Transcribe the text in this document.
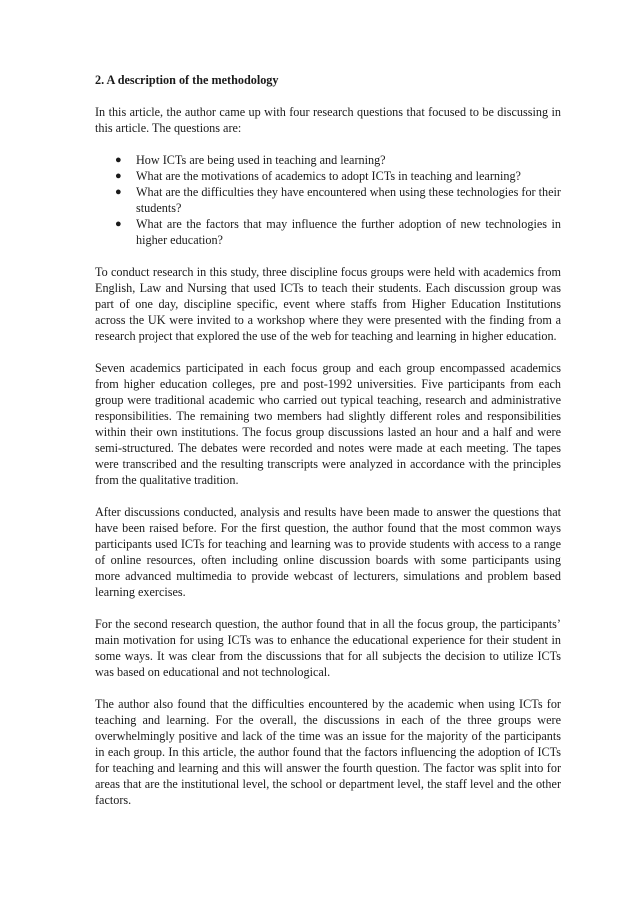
2. A description of the methodology

In this article, the author came up with four research questions that focused to be discussing in this article. The questions are:

● How ICTs are being used in teaching and learning?
● What are the motivations of academics to adopt ICTs in teaching and learning?
● What are the difficulties they have encountered when using these technologies for their students?
● What are the factors that may influence the further adoption of new technologies in higher education?

To conduct research in this study, three discipline focus groups were held with academics from English, Law and Nursing that used ICTs to teach their students. Each discussion group was part of one day, discipline specific, event where staffs from Higher Education Institutions across the UK were invited to a workshop where they were presented with the finding from a research project that explored the use of the web for teaching and learning in higher education.

Seven academics participated in each focus group and each group encompassed academics from higher education colleges, pre and post-1992 universities. Five participants from each group were traditional academic who carried out typical teaching, research and administrative responsibilities. The remaining two members had slightly different roles and responsibilities within their own institutions. The focus group discussions lasted an hour and a half and were semi-structured. The debates were recorded and notes were made at each meeting. The tapes were transcribed and the resulting transcripts were analyzed in accordance with the principles from the qualitative tradition.

After discussions conducted, analysis and results have been made to answer the questions that have been raised before. For the first question, the author found that the most common ways participants used ICTs for teaching and learning was to provide students with access to a range of online resources, often including online discussion boards with some participants using more advanced multimedia to provide webcast of lecturers, simulations and problem based learning exercises.

For the second research question, the author found that in all the focus group, the participants’ main motivation for using ICTs was to enhance the educational experience for their student in some ways. It was clear from the discussions that for all subjects the decision to utilize ICTs was based on educational and not technological.

The author also found that the difficulties encountered by the academic when using ICTs for teaching and learning. For the overall, the discussions in each of the three groups were overwhelmingly positive and lack of the time was an issue for the majority of the participants in each group. In this article, the author found that the factors influencing the adoption of ICTs for teaching and learning and this will answer the fourth question. The factor was split into for areas that are the institutional level, the school or department level, the staff level and the other factors.
